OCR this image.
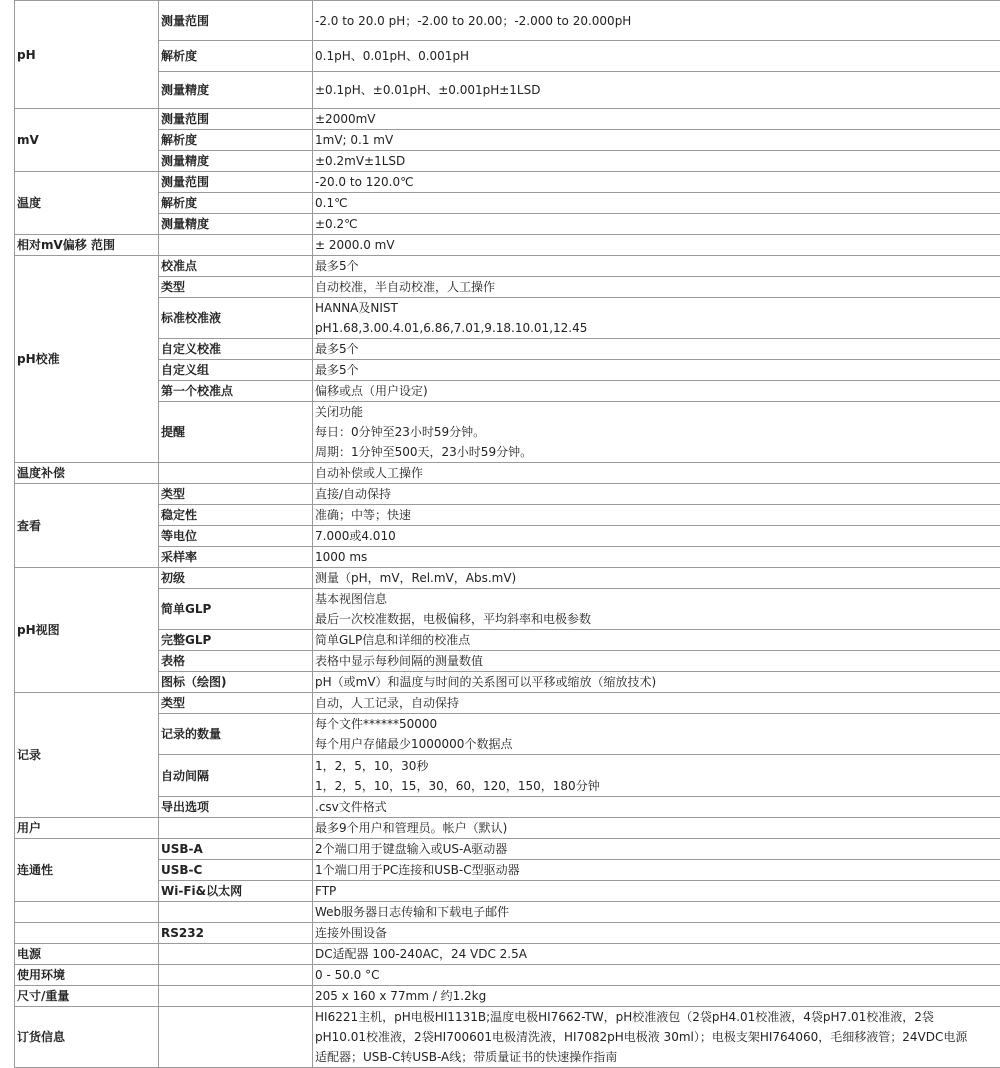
pH	测量范围	-2.0 to 20.0 pH；-2.00 to 20.00；-2.000 to 20.000pH

	解析度	0.1pH、0.01pH、0.001pH

	测量精度	±0.1pH、±0.01pH、±0.001pH±1LSD

mV	测量范围	±2000mV

	解析度	1mV; 0.1 mV

	测量精度	±0.2mV±1LSD

温度	测量范围	-20.0 to 120.0℃

	解析度	0.1℃

	测量精度	±0.2℃

相对mV偏移 范围		± 2000.0 mV

pH校准	校准点	最多5个

	类型	自动校准，半自动校准，人工操作

	标准校准液	HANNA及NIST
pH1.68,3.00.4.01,6.86,7.01,9.18.10.01,12.45

	自定义校准	最多5个

	自定义组	最多5个

	第一个校准点	偏移或点（用户设定)

	提醒	关闭功能
每日：0分钟至23小时59分钟。
周期：1分钟至500天，23小时59分钟。

温度补偿		自动补偿或人工操作

查看	类型	直接/自动保持

	稳定性	准确；中等；快速

	等电位	7.000或4.010

	采样率	1000 ms

pH视图	初级	测量（pH，mV，Rel.mV，Abs.mV)

	简单GLP	基本视图信息
最后一次校准数据，电极偏移，平均斜率和电极参数

	完整GLP	简单GLP信息和详细的校准点

	表格	表格中显示每秒间隔的测量数值

	图标（绘图)	pH（或mV）和温度与时间的关系图可以平移或缩放（缩放技术)

记录	类型	自动，人工记录，自动保持

	记录的数量	每个文件******50000
每个用户存储最少1000000个数据点

	自动间隔	1，2，5，10，30秒
1，2，5，10，15，30，60，120，150，180分钟

	导出选项	.csv文件格式

用户		最多9个用户和管理员。帐户（默认)

连通性	USB-A	2个端口用于键盘输入或US-A驱动器

	USB-C	1个端口用于PC连接和USB-C型驱动器

	Wi-Fi&以太网	FTP

		Web服务器日志传输和下载电子邮件

	RS232	连接外围设备

电源		DC适配器 100-240AC，24 VDC 2.5A

使用环境		0 - 50.0 °C

尺寸/重量		205 x 160 x 77mm / 约1.2kg

订货信息		HI6221主机，pH电极HI1131B;温度电极HI7662-TW，pH校准液包（2袋pH4.01校准液，4袋pH7.01校准液，2袋
pH10.01校准液，2袋HI700601电极清洗液，HI7082pH电极液 30ml）；电极支架HI764060，毛细移液管；24VDC电源
适配器；USB-C转USB-A线；带质量证书的快速操作指南
